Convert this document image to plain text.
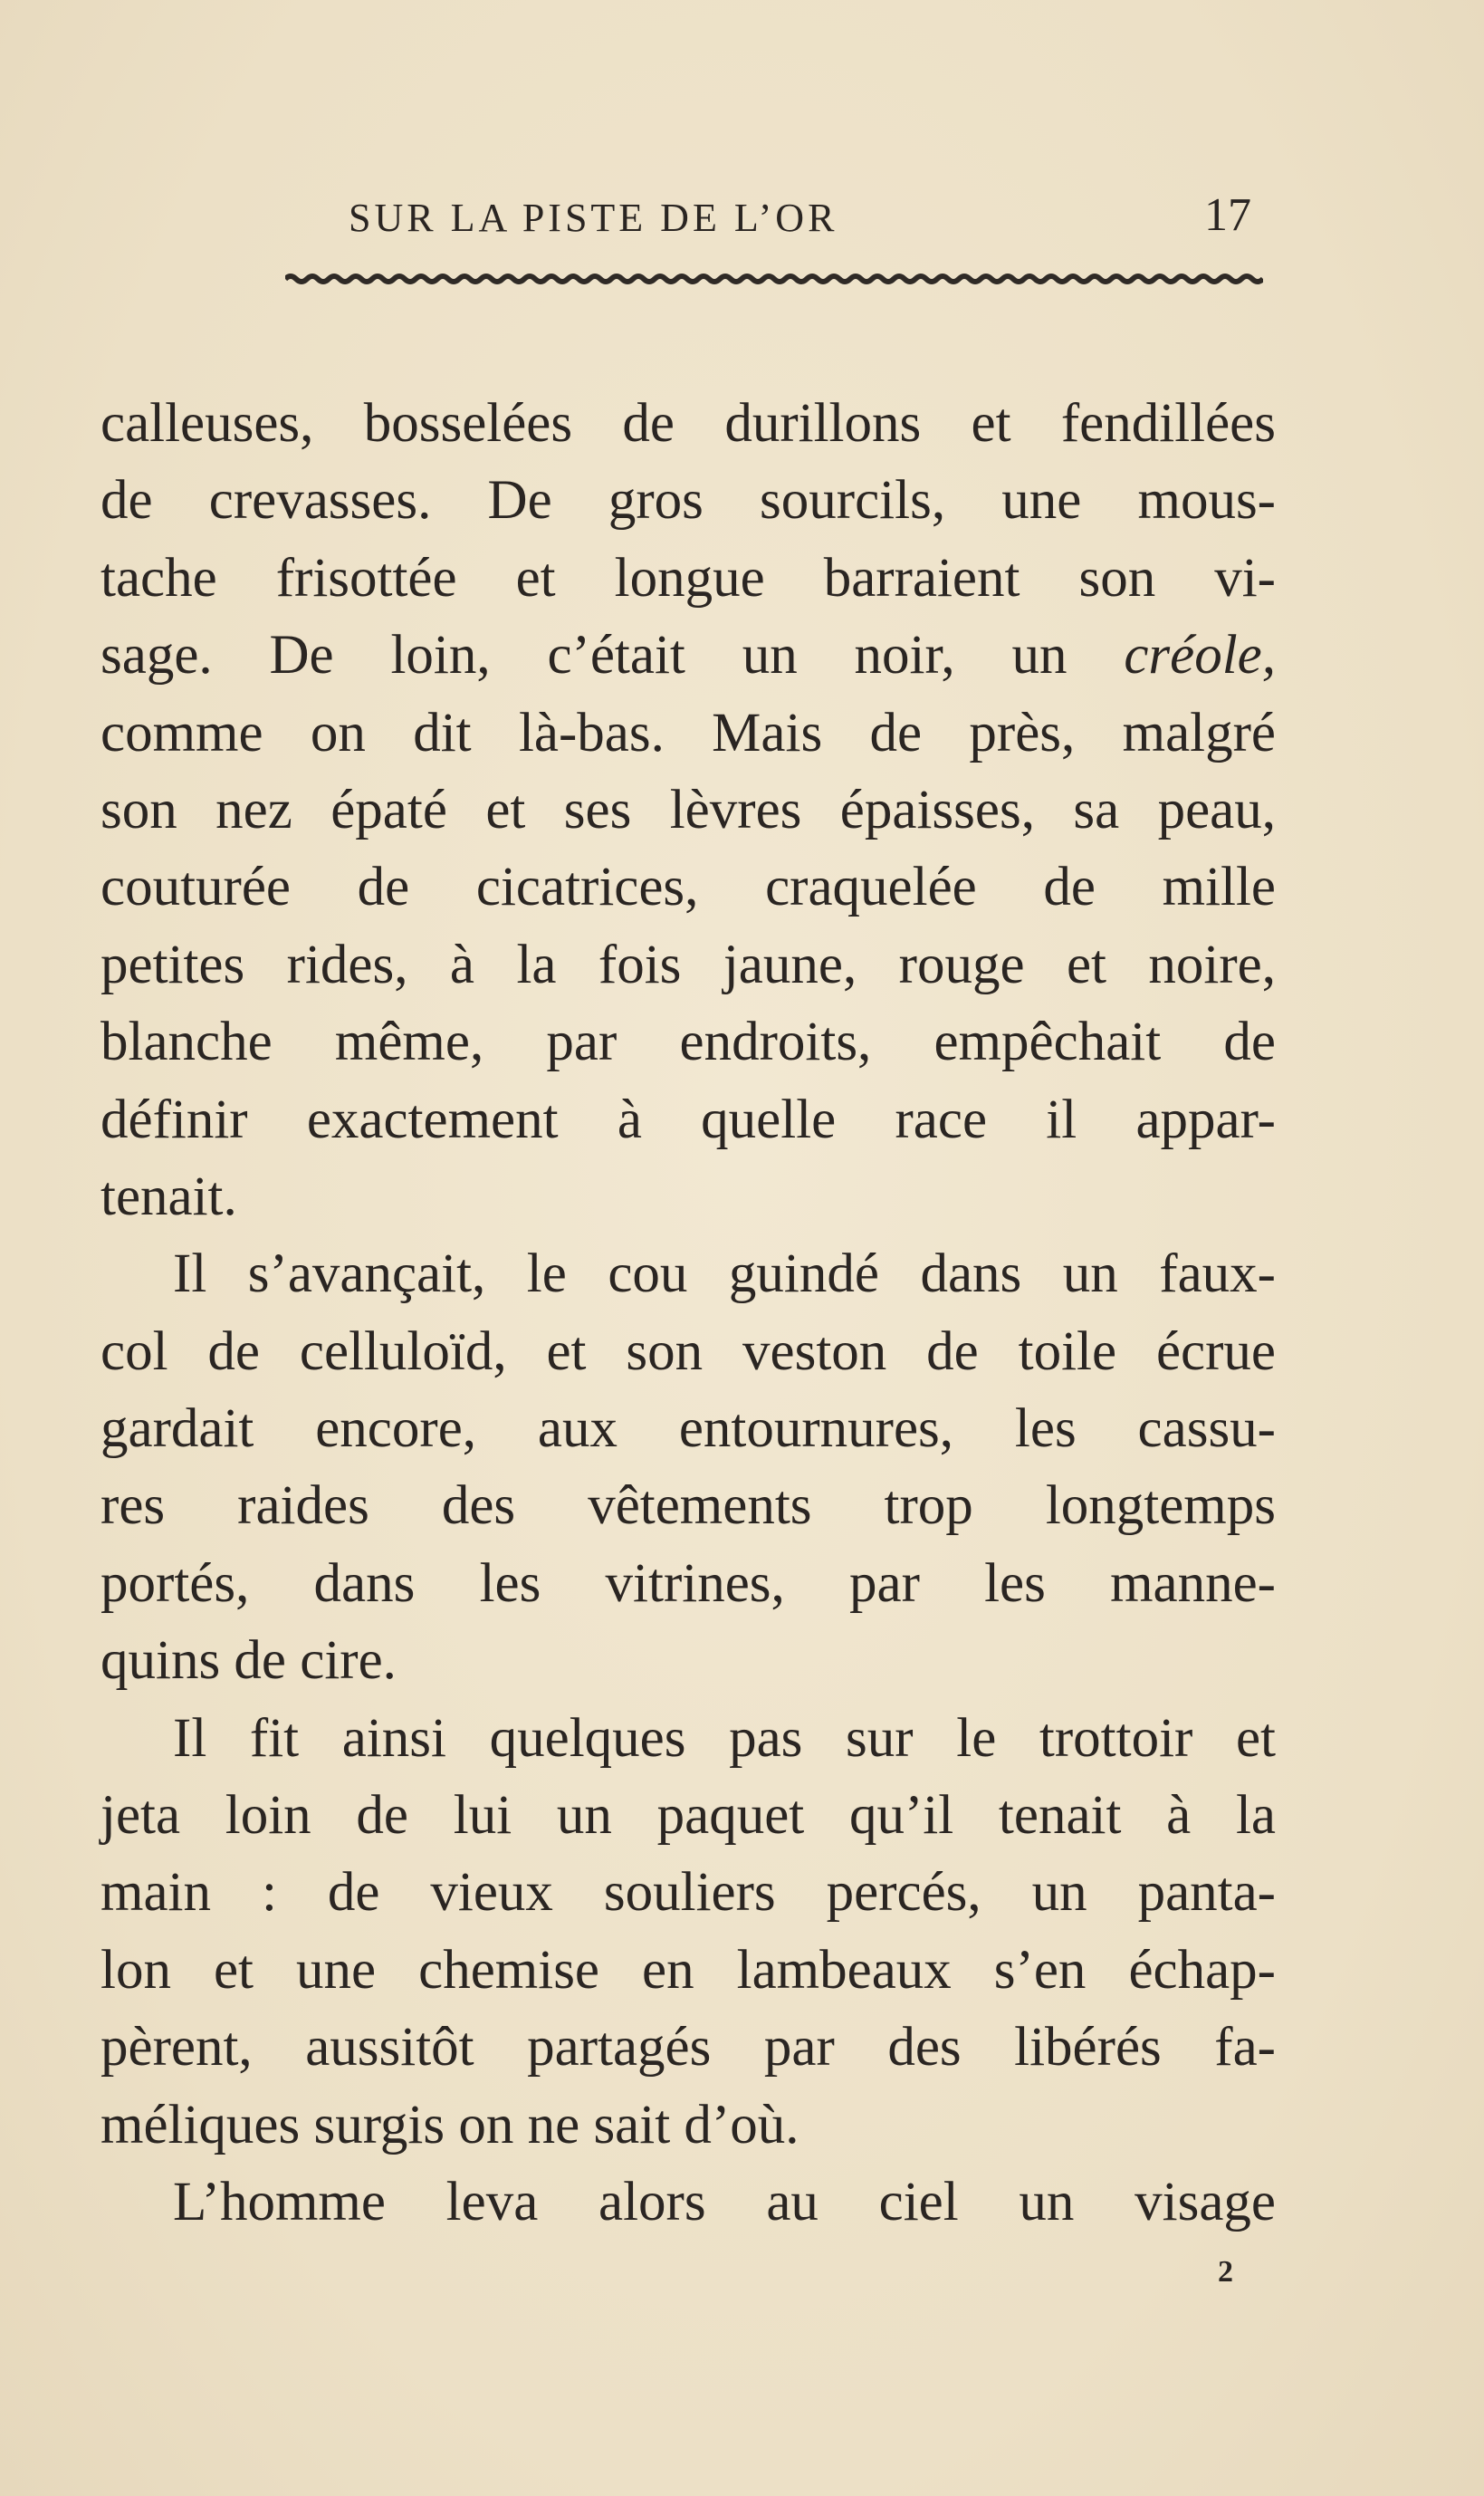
SUR LA PISTE DE L’OR	17
calleuses, bosselées de durillons et fendillées
de crevasses. De gros sourcils, une mous-
tache frisottée et longue barraient son vi-
sage. De loin, c’était un noir, un créole,
comme on dit là-bas. Mais de près, malgré
son nez épaté et ses lèvres épaisses, sa peau,
couturée de cicatrices, craquelée de mille
petites rides, à la fois jaune, rouge et noire,
blanche même, par endroits, empêchait de
définir exactement à quelle race il appar-
tenait.
Il s’avançait, le cou guindé dans un faux-
col de celluloïd, et son veston de toile écrue
gardait encore, aux entournures, les cassu-
res raides des vêtements trop longtemps
portés, dans les vitrines, par les manne-
quins de cire.
Il fit ainsi quelques pas sur le trottoir et
jeta loin de lui un paquet qu’il tenait à la
main : de vieux souliers percés, un panta-
lon et une chemise en lambeaux s’en échap-
pèrent, aussitôt partagés par des libérés fa-
méliques surgis on ne sait d’où.
L’homme leva alors au ciel un visage
2
